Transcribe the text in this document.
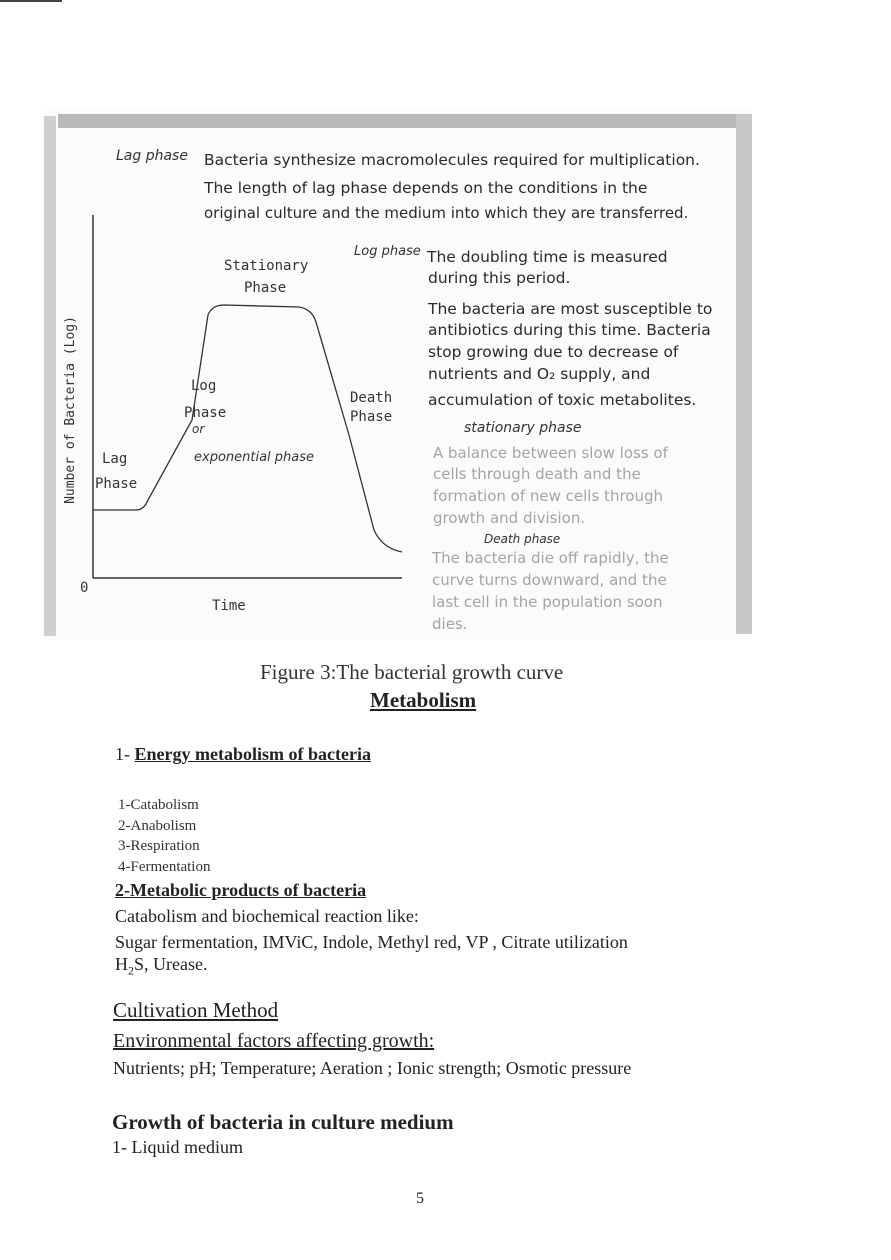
Number of Bacteria (Log)
Stationary
Phase
Log
Phase
Lag
Phase
Death
Phase
0
Time
Lag phase
Log phase
or
exponential phase
stationary phase
Death phase
Bacteria synthesize macromolecules required for multiplication.
The length of lag phase depends on the conditions in the
original culture and the medium into which they are transferred.
The doubling time is measured
during this period.
The bacteria are most susceptible to
antibiotics during this time. Bacteria
stop growing due to decrease of
nutrients and O₂ supply, and
accumulation of toxic metabolites.
A balance between slow loss of
cells through death and the
formation of new cells through
growth and division.
The bacteria die off rapidly, the
curve turns downward, and the
last cell in the population soon
dies.
Figure 3:The bacterial growth curve
Metabolism
1- Energy metabolism of bacteria
1-Catabolism
2-Anabolism
3-Respiration
4-Fermentation
2-Metabolic products of bacteria
Catabolism and biochemical reaction like:
Sugar fermentation, IMViC, Indole, Methyl red, VP , Citrate utilization
$H_2S$, Urease.
Cultivation Method
Environmental factors affecting growth:
Nutrients; pH; Temperature; Aeration ; Ionic strength; Osmotic pressure
Growth of bacteria in culture medium
1- Liquid medium
5
